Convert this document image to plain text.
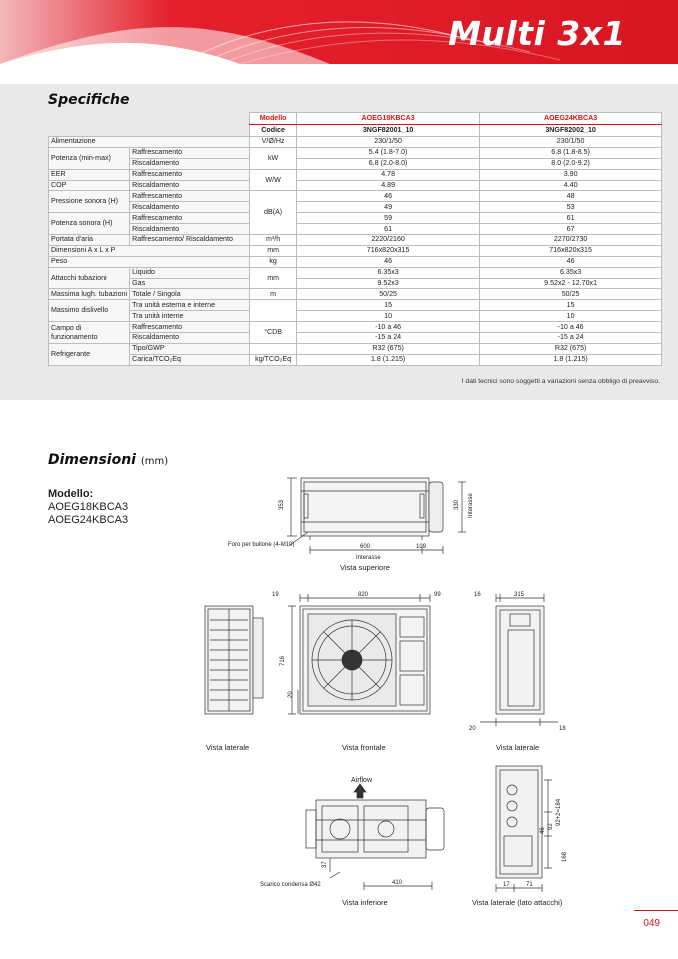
Multi 3x1
Specifiche
		Modello	AOEG18KBCA3	AOEG24KBCA3
		Codice	3NGF82001_10	3NGF82002_10
Alimentazione		V/Ø/Hz	230/1/50	230/1/50
Potenza (min-max)	Raffrescamento	kW	5.4 (1.8-7.0)	6.8 (1.8-8.5)
	Riscaldamento		6.8 (2.0-8.0)	8.0 (2.0-9.2)
EER	Raffrescamento	W/W	4.78	3.90
COP	Riscaldamento		4.89	4.40
Pressione sonora (H)	Raffrescamento	dB(A)	46	48
	Riscaldamento		49	53
Potenza sonora (H)	Raffrescamento		59	61
	Riscaldamento		61	67
Portata d'aria	Raffrescamento/ Riscaldamento	m³/h	2220/2160	2270/2730
Dimensioni A x L x P		mm	716x820x315	716x820x315
Peso		kg	46	46
Attacchi tubazioni	Liquido	mm	6.35x3	6.35x3
	Gas		9.52x3	9.52x2 - 12.70x1
Massima lugh. tubazioni	Totale / Singola	m	50/25	50/25
Massimo dislivello	Tra unità esterna e interne		15	15
	Tra unità interne		10	10
Campo di funzionamento	Raffrescamento	°CDB	-10 a 46	-10 a 46
	Riscaldamento		-15 a 24	-15 a 24
Refrigerante	Tipo/GWP		R32 (675)	R32 (675)
	Carica/TCO₂Eq	kg/TCO₂Eq	1.8 (1.215)	1.8 (1.215)
I dati tecnici sono soggetti a variazioni senza obbligo di preavviso.
Dimensioni (mm)
Modello:
AOEG18KBCA3
AOEG24KBCA3
353	330 Interasse
600	109
Interasse
Foro per bullone (4-M10)
19	820	99
716
20
16	315
20	18
Airflow
37
410
Scarico condensa Ø42
92+2=184
92
46
168
17	71
Vista superiore
Vista laterale	Vista frontale	Vista laterale
Vista inferiore	Vista laterale (lato attacchi)
049
